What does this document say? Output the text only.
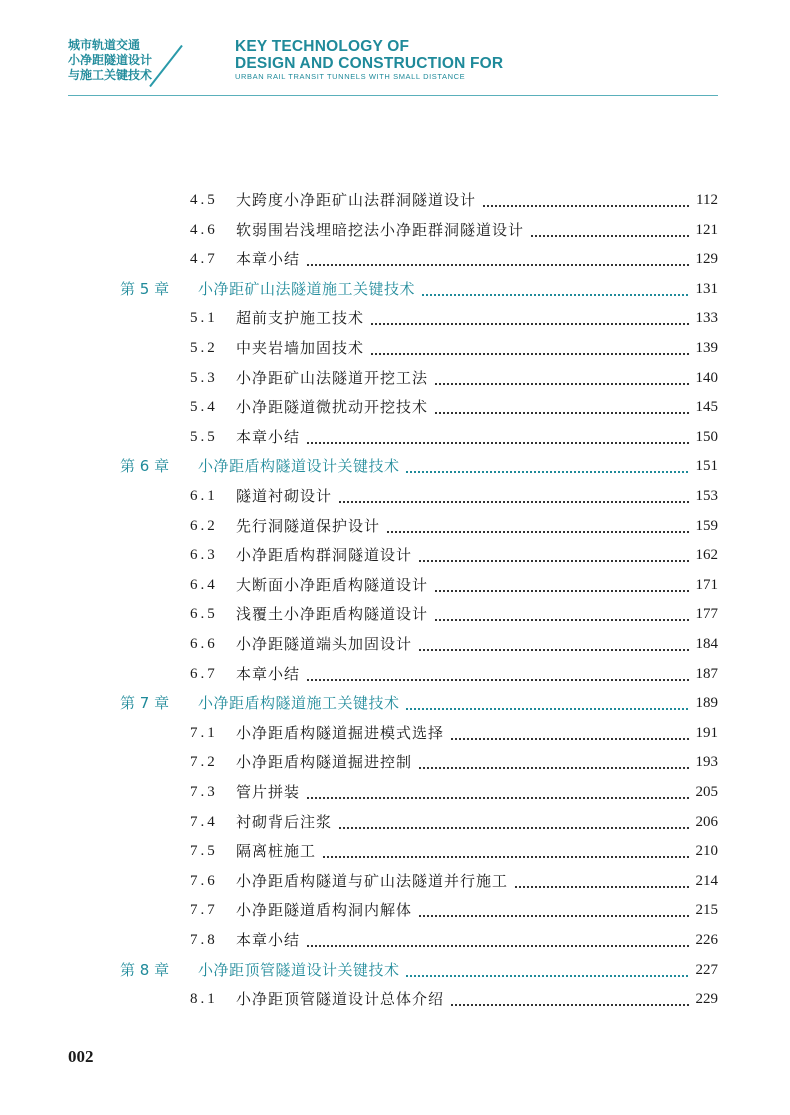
城市轨道交通
小净距隧道设计
与施工关键技术
KEY TECHNOLOGY OF
DESIGN AND CONSTRUCTION FOR
URBAN RAIL TRANSIT TUNNELS WITH SMALL DISTANCE
4.5 大跨度小净距矿山法群洞隧道设计	112
4.6 软弱围岩浅埋暗挖法小净距群洞隧道设计	121
4.7 本章小结	129
第 5 章 小净距矿山法隧道施工关键技术	131
5.1 超前支护施工技术	133
5.2 中夹岩墙加固技术	139
5.3 小净距矿山法隧道开挖工法	140
5.4 小净距隧道微扰动开挖技术	145
5.5 本章小结	150
第 6 章 小净距盾构隧道设计关键技术	151
6.1 隧道衬砌设计	153
6.2 先行洞隧道保护设计	159
6.3 小净距盾构群洞隧道设计	162
6.4 大断面小净距盾构隧道设计	171
6.5 浅覆土小净距盾构隧道设计	177
6.6 小净距隧道端头加固设计	184
6.7 本章小结	187
第 7 章 小净距盾构隧道施工关键技术	189
7.1 小净距盾构隧道掘进模式选择	191
7.2 小净距盾构隧道掘进控制	193
7.3 管片拼装	205
7.4 衬砌背后注浆	206
7.5 隔离桩施工	210
7.6 小净距盾构隧道与矿山法隧道并行施工	214
7.7 小净距隧道盾构洞内解体	215
7.8 本章小结	226
第 8 章 小净距顶管隧道设计关键技术	227
8.1 小净距顶管隧道设计总体介绍	229
002
